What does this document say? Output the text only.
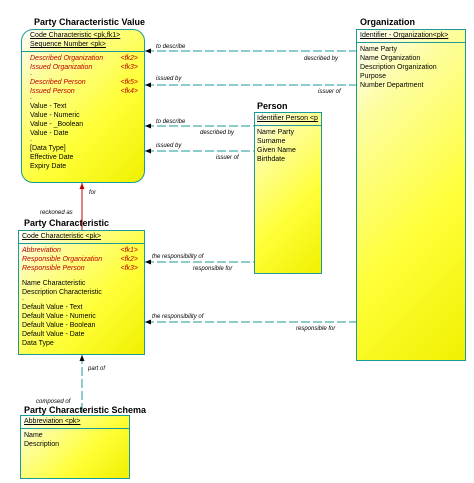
to describe
described by
issued by
issuer of
to describe
described by
issued by
issuer of
for
reckoned as
the responsibility of
responsible for
the responsibility of
responsible for
part of
composed of
Party Characteristic Value
Code Characteristic <pk,fk1>
Sequence Number <pk>
Described Organization <fk2>
Issued Organization	<fk3>
.
Described Person	<fk5>
Issued Person	<fk4>
.
Value - Text
Value - Numeric
Value - _Boolean
Value - Date
.
[Data Type]
Effective Date
Expiry Date
Organization
Identifier - Organization<pk>
Name Party
Name Organization
Description Organization
Purpose
Number Department
Person
Identifier Person <p
Name Party
Surname
Given Name
Birthdate
Party Characteristic
Code Characteristic <pk>
Abbreviation	<fk1>
Responsible Organization	<fk2>
Responsible Person	<fk3>
Name Characteristic
Description Characteristic
.
Default Value - Text
Default Value - Numeric
Default Value - Boolean
Default Value - Date
Data Type
Party Characteristic Schema
Abbreviation <pk>
Name
Description
